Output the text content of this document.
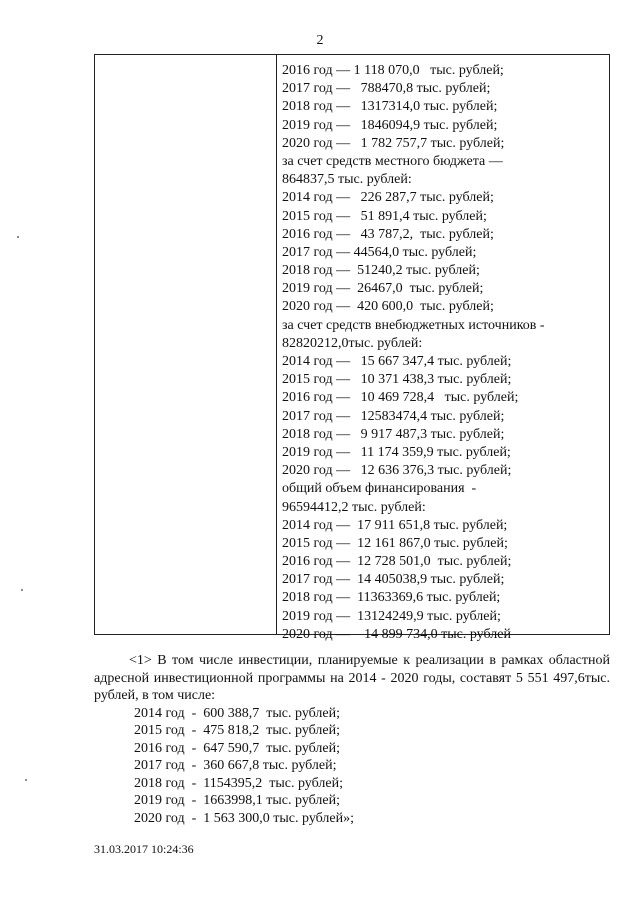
2
2016 год — 1 118 070,0   тыс. рублей;
2017 год —   788470,8 тыс. рублей;
2018 год —   1317314,0 тыс. рублей;
2019 год —   1846094,9 тыс. рублей;
2020 год —   1 782 757,7 тыс. рублей;
за счет средств местного бюджета —
864837,5 тыс. рублей:
2014 год —   226 287,7 тыс. рублей;
2015 год —   51 891,4 тыс. рублей;
2016 год —   43 787,2,  тыс. рублей;
2017 год — 44564,0 тыс. рублей;
2018 год —  51240,2 тыс. рублей;
2019 год —  26467,0  тыс. рублей;
2020 год —  420 600,0  тыс. рублей;
за счет средств внебюджетных источников -
82820212,0тыс. рублей:
2014 год —   15 667 347,4 тыс. рублей;
2015 год —   10 371 438,3 тыс. рублей;
2016 год —   10 469 728,4   тыс. рублей;
2017 год —   12583474,4 тыс. рублей;
2018 год —   9 917 487,3 тыс. рублей;
2019 год —   11 174 359,9 тыс. рублей;
2020 год —   12 636 376,3 тыс. рублей;
общий объем финансирования  -
96594412,2 тыс. рублей:
2014 год —  17 911 651,8 тыс. рублей;
2015 год —  12 161 867,0 тыс. рублей;
2016 год —  12 728 501,0  тыс. рублей;
2017 год —  14 405038,9 тыс. рублей;
2018 год —  11363369,6 тыс. рублей;
2019 год —  13124249,9 тыс. рублей;
2020 год —    14 899 734,0 тыс. рублей

<1> В том числе инвестиции, планируемые к реализации в рамках областной адресной инвестиционной программы на 2014 - 2020 годы, составят 5 551 497,6тыс. рублей, в том числе:

2014 год  -  600 388,7  тыс. рублей;
2015 год  -  475 818,2  тыс. рублей;
2016 год  -  647 590,7  тыс. рублей;
2017 год  -  360 667,8 тыс. рублей;
2018 год  -  1154395,2  тыс. рублей;
2019 год  -  1663998,1 тыс. рублей;
2020 год  -  1 563 300,0 тыс. рублей»;
31.03.2017 10:24:36
